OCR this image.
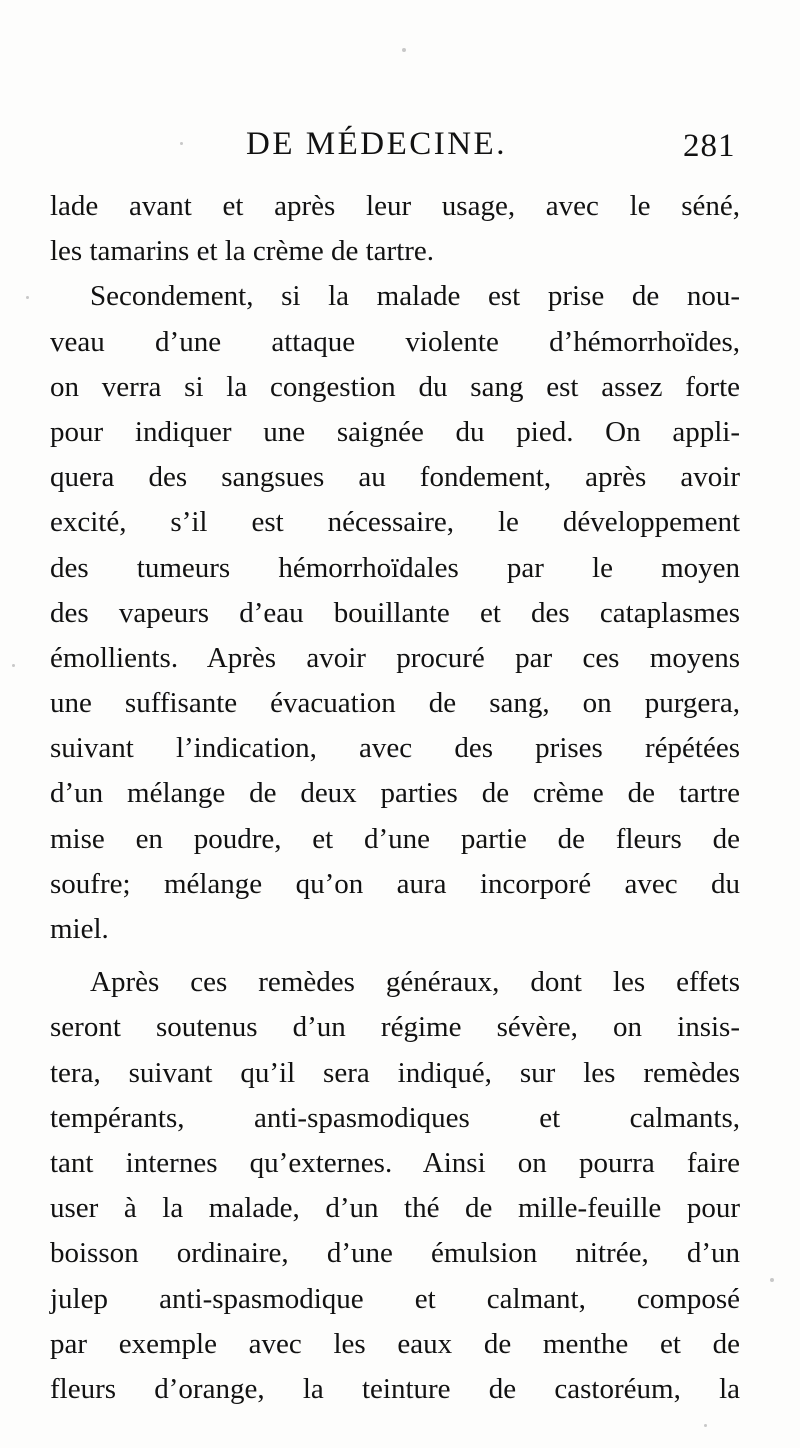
DE MÉDECINE.	281
lade avant et après leur usage, avec le séné,
les tamarins et la crème de tartre.
Secondement, si la malade est prise de nou-
veau d’une attaque violente d’hémorrhoïdes,
on verra si la congestion du sang est assez forte
pour indiquer une saignée du pied. On appli-
quera des sangsues au fondement, après avoir
excité, s’il est nécessaire, le développement
des tumeurs hémorrhoïdales par le moyen
des vapeurs d’eau bouillante et des cataplasmes
émollients. Après avoir procuré par ces moyens
une suffisante évacuation de sang, on purgera,
suivant l’indication, avec des prises répétées
d’un mélange de deux parties de crème de tartre
mise en poudre, et d’une partie de fleurs de
soufre; mélange qu’on aura incorporé avec du
miel.
Après ces remèdes généraux, dont les effets
seront soutenus d’un régime sévère, on insis-
tera, suivant qu’il sera indiqué, sur les remèdes
tempérants, anti-spasmodiques et calmants,
tant internes qu’externes. Ainsi on pourra faire
user à la malade, d’un thé de mille-feuille pour
boisson ordinaire, d’une émulsion nitrée, d’un
julep anti-spasmodique et calmant, composé
par exemple avec les eaux de menthe et de
fleurs d’orange, la teinture de castoréum, la
